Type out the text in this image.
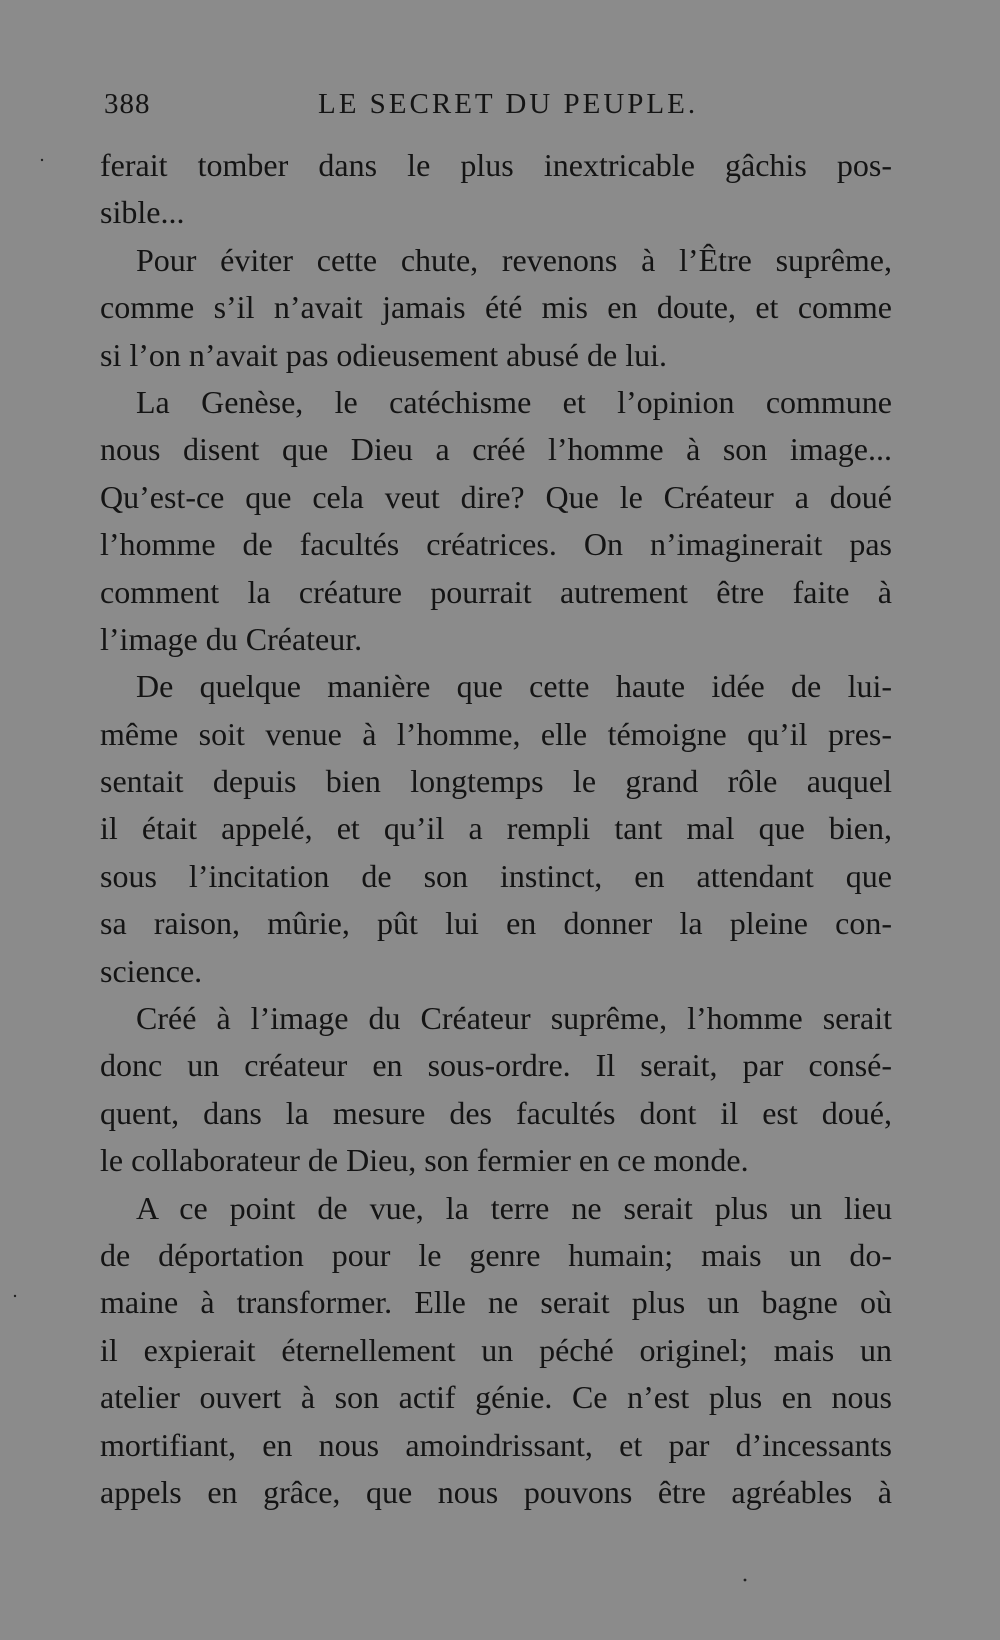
388	LE SECRET DU PEUPLE.
ferait tomber dans le plus inextricable gâchis pos-
sible...
Pour éviter cette chute, revenons à l’Être suprême,
comme s’il n’avait jamais été mis en doute, et comme
si l’on n’avait pas odieusement abusé de lui.
La Genèse, le catéchisme et l’opinion commune
nous disent que Dieu a créé l’homme à son image...
Qu’est-ce que cela veut dire? Que le Créateur a doué
l’homme de facultés créatrices. On n’imaginerait pas
comment la créature pourrait autrement être faite à
l’image du Créateur.
De quelque manière que cette haute idée de lui-
même soit venue à l’homme, elle témoigne qu’il pres-
sentait depuis bien longtemps le grand rôle auquel
il était appelé, et qu’il a rempli tant mal que bien,
sous l’incitation de son instinct, en attendant que
sa raison, mûrie, pût lui en donner la pleine con-
science.
Créé à l’image du Créateur suprême, l’homme serait
donc un créateur en sous-ordre. Il serait, par consé-
quent, dans la mesure des facultés dont il est doué,
le collaborateur de Dieu, son fermier en ce monde.
A ce point de vue, la terre ne serait plus un lieu
de déportation pour le genre humain; mais un do-
maine à transformer. Elle ne serait plus un bagne où
il expierait éternellement un péché originel; mais un
atelier ouvert à son actif génie. Ce n’est plus en nous
mortifiant, en nous amoindrissant, et par d’incessants
appels en grâce, que nous pouvons être agréables à
